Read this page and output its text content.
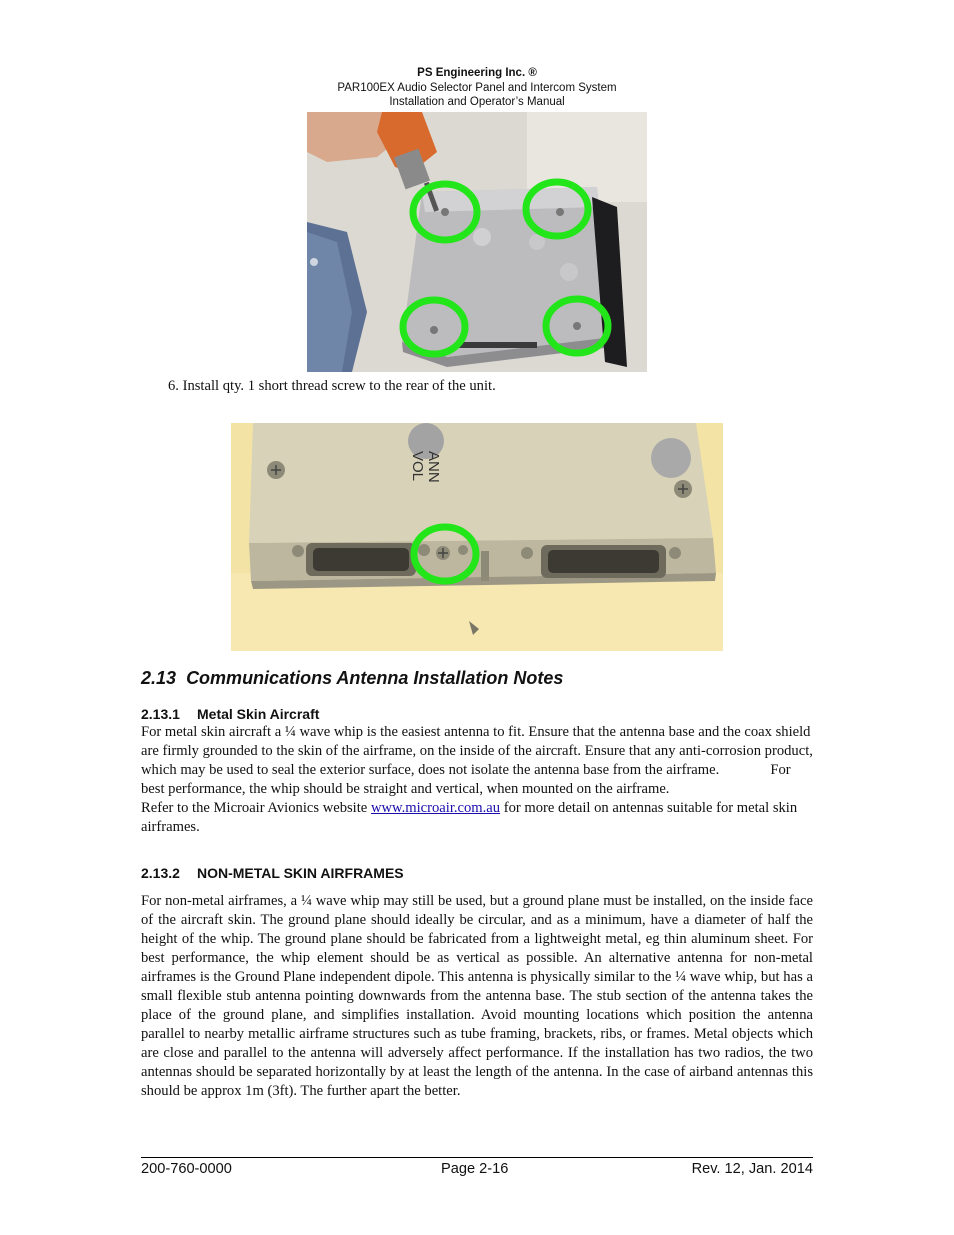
PS Engineering Inc. ®
PAR100EX Audio Selector Panel and Intercom System
Installation and Operator’s Manual
6. Install qty. 1 short thread screw to the rear of the unit.
ANN
VOL
2.13 Communications Antenna Installation Notes
2.13.1 Metal Skin Aircraft
For metal skin aircraft a ¼ wave whip is the easiest antenna to fit. Ensure that the antenna base and the coax shield are firmly grounded to the skin of the airframe, on the inside of the aircraft. Ensure that any anti-corrosion product, which may be used to seal the exterior surface, does not isolate the antenna base from the airframe.	For best performance, the whip should be straight and vertical, when mounted on the airframe.
Refer to the Microair Avionics website www.microair.com.au for more detail on antennas suitable for metal skin airframes.
2.13.2 NON-METAL SKIN AIRFRAMES
For non-metal airframes, a ¼ wave whip may still be used, but a ground plane must be installed, on the inside face of the aircraft skin. The ground plane should ideally be circular, and as a minimum, have a diameter of half the height of the whip. The ground plane should be fabricated from a lightweight metal, eg thin aluminum sheet. For best performance, the whip element should be as vertical as possible. An alternative antenna for non-metal airframes is the Ground Plane independent dipole. This antenna is physically similar to the ¼ wave whip, but has a small flexible stub antenna pointing downwards from the antenna base. The stub section of the antenna takes the place of the ground plane, and simplifies installation. Avoid mounting locations which position the antenna parallel to nearby metallic airframe structures such as tube framing, brackets, ribs, or frames. Metal objects which are close and parallel to the antenna will adversely affect performance. If the installation has two radios, the two antennas should be separated horizontally by at least the length of the antenna. In the case of airband antennas this should be approx 1m (3ft). The further apart the better.
200-760-0000	Page 2-16	Rev. 12, Jan. 2014
